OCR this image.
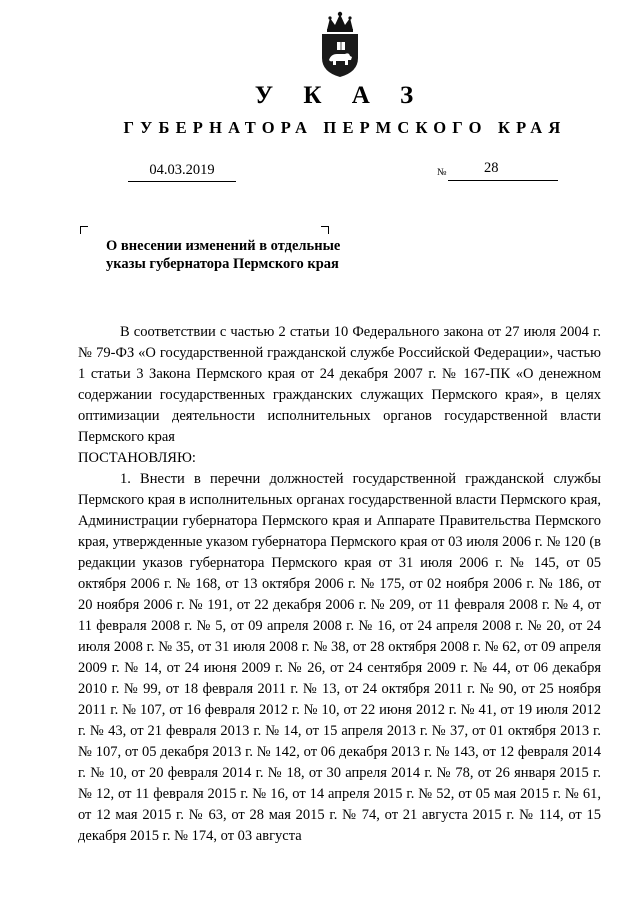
У К А З
ГУБЕРНАТОРА ПЕРМСКОГО КРАЯ
04.03.2019	№	28
О внесении изменений в отдельные
указы губернатора Пермского края

В соответствии с частью 2 статьи 10 Федерального закона от 27 июля 2004 г. № 79-ФЗ «О государственной гражданской службе Российской Федерации», частью 1 статьи 3 Закона Пермского края от 24 декабря 2007 г. № 167-ПК «О денежном содержании государственных гражданских служащих Пермского края», в целях оптимизации деятельности исполнительных органов государственной власти Пермского края

ПОСТАНОВЛЯЮ:

1. Внести в перечни должностей государственной гражданской службы Пермского края в исполнительных органах государственной власти Пермского края, Администрации губернатора Пермского края и Аппарате Правительства Пермского края, утвержденные указом губернатора Пермского края от 03 июля 2006 г. № 120 (в редакции указов губернатора Пермского края от 31 июля 2006 г. № 145, от 05 октября 2006 г. № 168, от 13 октября 2006 г. № 175, от 02 ноября 2006 г. № 186, от 20 ноября 2006 г. № 191, от 22 декабря 2006 г. № 209, от 11 февраля 2008 г. № 4, от 11 февраля 2008 г. № 5, от 09 апреля 2008 г. № 16, от 24 апреля 2008 г. № 20, от 24 июля 2008 г. № 35, от 31 июля 2008 г. № 38, от 28 октября 2008 г. № 62, от 09 апреля 2009 г. № 14, от 24 июня 2009 г. № 26, от 24 сентября 2009 г. № 44, от 06 декабря 2010 г. № 99, от 18 февраля 2011 г. № 13, от 24 октября 2011 г. № 90, от 25 ноября 2011 г. № 107, от 16 февраля 2012 г. № 10, от 22 июня 2012 г. № 41, от 19 июля 2012 г. № 43, от 21 февраля 2013 г. № 14, от 15 апреля 2013 г. № 37, от 01 октября 2013 г. № 107, от 05 декабря 2013 г. № 142, от 06 декабря 2013 г. № 143, от 12 февраля 2014 г. № 10, от 20 февраля 2014 г. № 18, от 30 апреля 2014 г. № 78, от 26 января 2015 г. № 12, от 11 февраля 2015 г. № 16, от 14 апреля 2015 г. № 52, от 05 мая 2015 г. № 61, от 12 мая 2015 г. № 63, от 28 мая 2015 г. № 74, от 21 августа 2015 г. № 114, от 15 декабря 2015 г. № 174, от 03 августа
